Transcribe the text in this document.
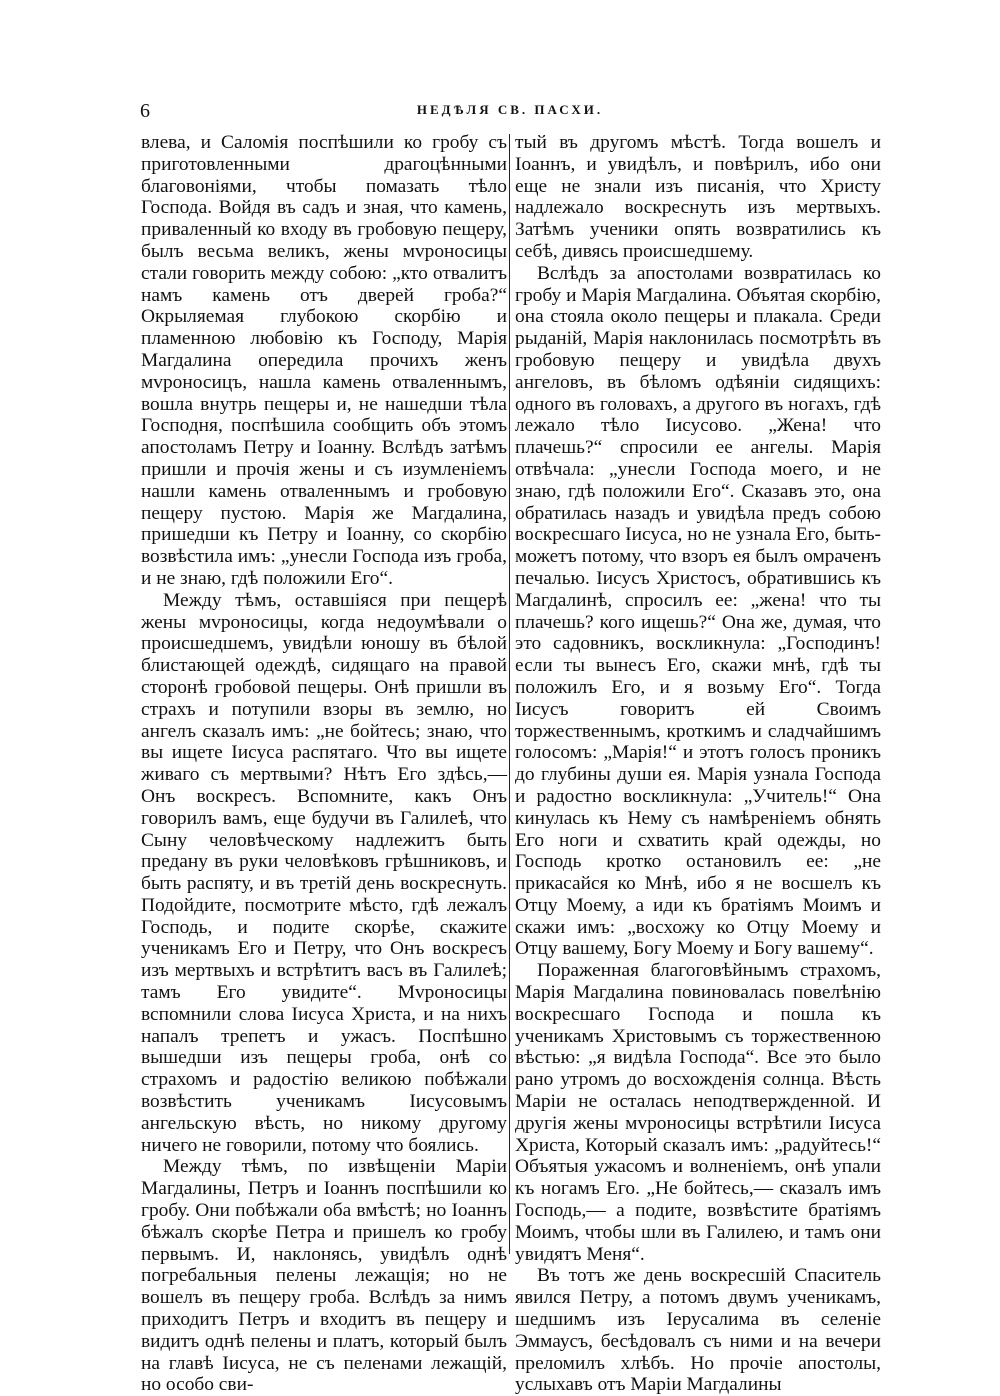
6	НЕДѢЛЯ СВ. ПАСХИ.

влева, и Саломія поспѣшили ко гробу съ приготовленными драгоцѣнными благовоніями, чтобы помазать тѣло Господа. Войдя въ садъ и зная, что камень, приваленный ко входу въ гробовую пещеру, былъ весьма великъ, жены мvроносицы стали говорить между собою: „кто отвалитъ намъ камень отъ дверей гроба?“ Окрыляемая глубокою скорбію и пламенною любовію къ Господу, Марія Магдалина опередила прочихъ женъ мvроносицъ, нашла камень отваленнымъ, вошла внутрь пещеры и, не нашедши тѣла Господня, поспѣшила сообщить объ этомъ апостоламъ Петру и Іоанну. Вслѣдъ затѣмъ пришли и прочія жены и съ изумленіемъ нашли камень отваленнымъ и гробовую пещеру пустою. Марія же Магдалина, пришедши къ Петру и Іоанну, со скорбію возвѣстила имъ: „унесли Господа изъ гроба, и не знаю, гдѣ положили Его“.

Между тѣмъ, оставшіяся при пещерѣ жены мvроносицы, когда недоумѣвали о происшедшемъ, увидѣли юношу въ бѣлой блистающей одеждѣ, сидящаго на правой сторонѣ гробовой пещеры. Онѣ пришли въ страхъ и потупили взоры въ землю, но ангелъ сказалъ имъ: „не бойтесь; знаю, что вы ищете Іисуса распятаго. Что вы ищете живаго съ мертвыми? Нѣтъ Его здѣсь,— Онъ воскресъ. Вспомните, какъ Онъ говорилъ вамъ, еще будучи въ Галилеѣ, что Сыну человѣческому надлежитъ быть предану въ руки человѣковъ грѣшниковъ, и быть распяту, и въ третій день воскреснуть. Подойдите, посмотрите мѣсто, гдѣ лежалъ Господь, и подите скорѣе, скажите ученикамъ Его и Петру, что Онъ воскресъ изъ мертвыхъ и встрѣтитъ васъ въ Галилеѣ; тамъ Его увидите“. Мvроносицы вспомнили слова Іисуса Христа, и на нихъ напалъ трепетъ и ужасъ. Поспѣшно вышедши изъ пещеры гроба, онѣ со страхомъ и радостію великою побѣжали возвѣстить ученикамъ Іисусовымъ ангельскую вѣсть, но никому другому ничего не говорили, потому что боялись.

Между тѣмъ, по извѣщеніи Маріи Магдалины, Петръ и Іоаннъ поспѣшили ко гробу. Они побѣжали оба вмѣстѣ; но Іоаннъ бѣжалъ скорѣе Петра и пришелъ ко гробу первымъ. И, наклонясь, увидѣлъ однѣ погребальныя пелены лежащія; но не вошелъ въ пещеру гроба. Вслѣдъ за нимъ приходитъ Петръ и входитъ въ пещеру и видитъ однѣ пелены и платъ, который былъ на главѣ Іисуса, не съ пеленами лежащій, но особо сви-

тый въ другомъ мѣстѣ. Тогда вошелъ и Іоаннъ, и увидѣлъ, и повѣрилъ, ибо они еще не знали изъ писанія, что Христу надлежало воскреснуть изъ мертвыхъ. Затѣмъ ученики опять возвратились къ себѣ, дивясь происшедшему.

Вслѣдъ за апостолами возвратилась ко гробу и Марія Магдалина. Объятая скорбію, она стояла около пещеры и плакала. Среди рыданій, Марія наклонилась посмотрѣть въ гробовую пещеру и увидѣла двухъ ангеловъ, въ бѣломъ одѣяніи сидящихъ: одного въ головахъ, а другого въ ногахъ, гдѣ лежало тѣло Іисусово. „Жена! что плачешь?“ спросили ее ангелы. Марія отвѣчала: „унесли Господа моего, и не знаю, гдѣ положили Его“. Сказавъ это, она обратилась назадъ и увидѣла предъ собою воскресшаго Іисуса, но не узнала Его, быть-можетъ потому, что взоръ ея былъ омраченъ печалью. Іисусъ Христосъ, обратившись къ Магдалинѣ, спросилъ ее: „жена! что ты плачешь? кого ищешь?“ Она же, думая, что это садовникъ, воскликнула: „Господинъ! если ты вынесъ Его, скажи мнѣ, гдѣ ты положилъ Его, и я возьму Его“. Тогда Іисусъ говоритъ ей Своимъ торжественнымъ, кроткимъ и сладчайшимъ голосомъ: „Марія!“ и этотъ голосъ проникъ до глубины души ея. Марія узнала Господа и радостно воскликнула: „Учитель!“ Она кинулась къ Нему съ намѣреніемъ обнять Его ноги и схватить край одежды, но Господь кротко остановилъ ее: „не прикасайся ко Мнѣ, ибо я не восшелъ къ Отцу Моему, а иди къ братіямъ Моимъ и скажи имъ: „восхожу ко Отцу Моему и Отцу вашему, Богу Моему и Богу вашему“.

Пораженная благоговѣйнымъ страхомъ, Марія Магдалина повиновалась повелѣнію воскресшаго Господа и пошла къ ученикамъ Христовымъ съ торжественною вѣстью: „я видѣла Господа“. Все это было рано утромъ до восхожденія солнца. Вѣсть Маріи не осталась неподтвержденной. И другія жены мvроносицы встрѣтили Іисуса Христа, Который сказалъ имъ: „радуйтесь!“ Объятыя ужасомъ и волненіемъ, онѣ упали къ ногамъ Его. „Не бойтесь,— сказалъ имъ Господь,— а подите, возвѣстите братіямъ Моимъ, чтобы шли въ Галилею, и тамъ они увидятъ Меня“.

Въ тотъ же день воскресшій Спаситель явился Петру, а потомъ двумъ ученикамъ, шедшимъ изъ Іерусалима въ селеніе Эммаусъ, бесѣдовалъ съ ними и на вечери преломилъ хлѣбъ. Но прочіе апостолы, услыхавъ отъ Маріи Магдалины
